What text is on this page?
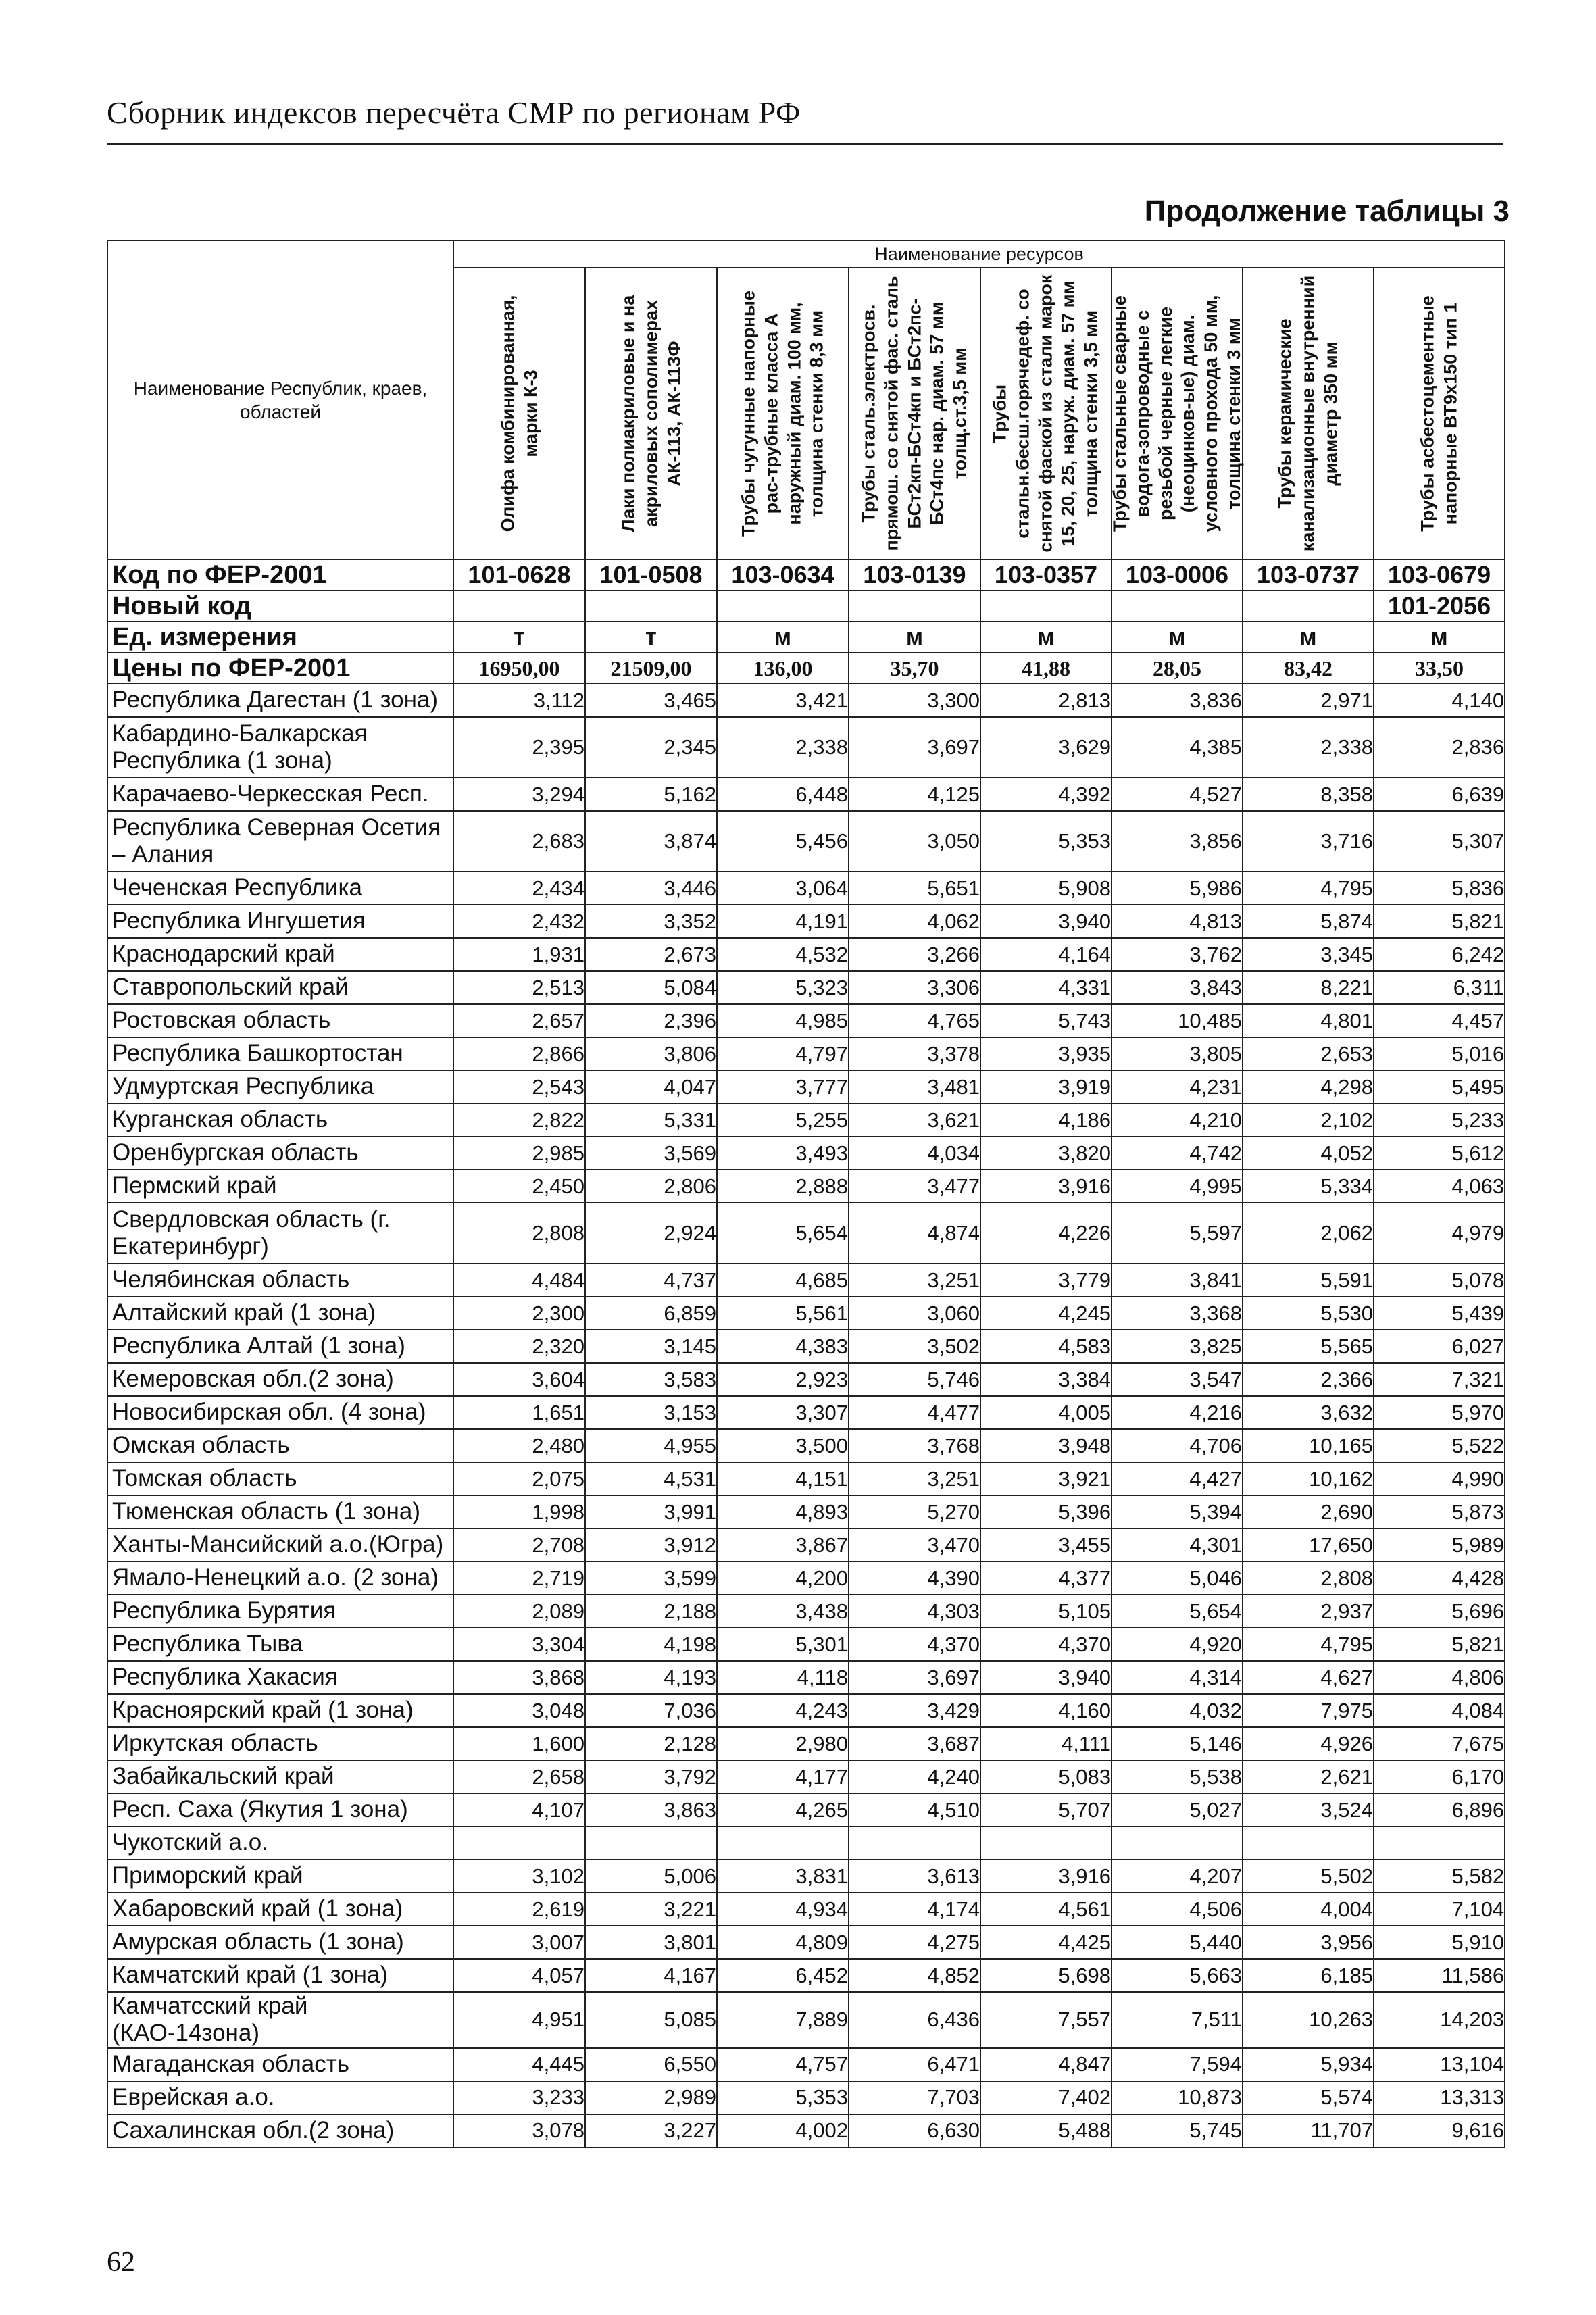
Сборник индексов пересчёта СМР по регионам РФ
Продолжение таблицы 3
Наименование Республик, краев, областей	Наименование ресурсов							

	Олифа комбинированная, марки К-3	Лаки полиакриловые и на акриловых сополимерах АК-113, АК-113Ф	Трубы чугунные напорные рас-трубные класса А наружный диам. 100 мм, толщина стенки 8,3 мм	Трубы сталь.электросв. прямош. со снятой фас. сталь БСт2кп-БСт4кп и БСт2пс-БСт4пс нар. диам. 57 мм толщ.ст.3,5 мм	Трубы стальн.бесш.горячедеф. со снятой фаской из стали марок 15, 20, 25, наруж. диам. 57 мм толщина стенки 3,5 мм	Трубы стальные сварные водога-зопроводные с резьбой черные легкие (неоцинков-ые) диам. условного прохода 50 мм, толщина стенки 3 мм	Трубы керамические канализационные внутренний диаметр 350 мм	Трубы асбестоцементные напорные ВТ9х150 тип 1

Код по ФЕР-2001	101-0628	101-0508	103-0634	103-0139	103-0357	103-0006	103-0737	103-0679
Новый код								101-2056
Ед. измерения	т	т	м	м	м	м	м	м
Цены по ФЕР-2001	16950,00	21509,00	136,00	35,70	41,88	28,05	83,42	33,50
Республика Дагестан (1 зона)	3,112	3,465	3,421	3,300	2,813	3,836	2,971	4,140
Кабардино-Балкарская Республика (1 зона)	2,395	2,345	2,338	3,697	3,629	4,385	2,338	2,836
Карачаево-Черкесская Респ.	3,294	5,162	6,448	4,125	4,392	4,527	8,358	6,639
Республика Северная Осетия – Алания	2,683	3,874	5,456	3,050	5,353	3,856	3,716	5,307
Чеченская Республика	2,434	3,446	3,064	5,651	5,908	5,986	4,795	5,836
Республика Ингушетия	2,432	3,352	4,191	4,062	3,940	4,813	5,874	5,821
Краснодарский край	1,931	2,673	4,532	3,266	4,164	3,762	3,345	6,242
Ставропольский край	2,513	5,084	5,323	3,306	4,331	3,843	8,221	6,311
Ростовская область	2,657	2,396	4,985	4,765	5,743	10,485	4,801	4,457
Республика Башкортостан	2,866	3,806	4,797	3,378	3,935	3,805	2,653	5,016
Удмуртская Республика	2,543	4,047	3,777	3,481	3,919	4,231	4,298	5,495
Курганская область	2,822	5,331	5,255	3,621	4,186	4,210	2,102	5,233
Оренбургская область	2,985	3,569	3,493	4,034	3,820	4,742	4,052	5,612
Пермский край	2,450	2,806	2,888	3,477	3,916	4,995	5,334	4,063
Свердловская область (г. Екатеринбург)	2,808	2,924	5,654	4,874	4,226	5,597	2,062	4,979
Челябинская область	4,484	4,737	4,685	3,251	3,779	3,841	5,591	5,078
Алтайский край (1 зона)	2,300	6,859	5,561	3,060	4,245	3,368	5,530	5,439
Республика Алтай (1 зона)	2,320	3,145	4,383	3,502	4,583	3,825	5,565	6,027
Кемеровская обл.(2 зона)	3,604	3,583	2,923	5,746	3,384	3,547	2,366	7,321
Новосибирская обл. (4 зона)	1,651	3,153	3,307	4,477	4,005	4,216	3,632	5,970
Омская область	2,480	4,955	3,500	3,768	3,948	4,706	10,165	5,522
Томская область	2,075	4,531	4,151	3,251	3,921	4,427	10,162	4,990
Тюменская область (1 зона)	1,998	3,991	4,893	5,270	5,396	5,394	2,690	5,873
Ханты-Мансийский а.о.(Югра)	2,708	3,912	3,867	3,470	3,455	4,301	17,650	5,989
Ямало-Ненецкий а.о. (2 зона)	2,719	3,599	4,200	4,390	4,377	5,046	2,808	4,428
Республика Бурятия	2,089	2,188	3,438	4,303	5,105	5,654	2,937	5,696
Республика Тыва	3,304	4,198	5,301	4,370	4,370	4,920	4,795	5,821
Республика Хакасия	3,868	4,193	4,118	3,697	3,940	4,314	4,627	4,806
Красноярский край (1 зона)	3,048	7,036	4,243	3,429	4,160	4,032	7,975	4,084
Иркутская область	1,600	2,128	2,980	3,687	4,111	5,146	4,926	7,675
Забайкальский край	2,658	3,792	4,177	4,240	5,083	5,538	2,621	6,170
Респ. Саха (Якутия 1 зона)	4,107	3,863	4,265	4,510	5,707	5,027	3,524	6,896
Чукотский а.о.								
Приморский край	3,102	5,006	3,831	3,613	3,916	4,207	5,502	5,582
Хабаровский край (1 зона)	2,619	3,221	4,934	4,174	4,561	4,506	4,004	7,104
Амурская область (1 зона)	3,007	3,801	4,809	4,275	4,425	5,440	3,956	5,910
Камчатский край (1 зона)	4,057	4,167	6,452	4,852	5,698	5,663	6,185	11,586
Камчатсский край (КАО-14зона)	4,951	5,085	7,889	6,436	7,557	7,511	10,263	14,203
Магаданская область	4,445	6,550	4,757	6,471	4,847	7,594	5,934	13,104
Еврейская а.о.	3,233	2,989	5,353	7,703	7,402	10,873	5,574	13,313
Сахалинская обл.(2 зона)	3,078	3,227	4,002	6,630	5,488	5,745	11,707	9,616
62
